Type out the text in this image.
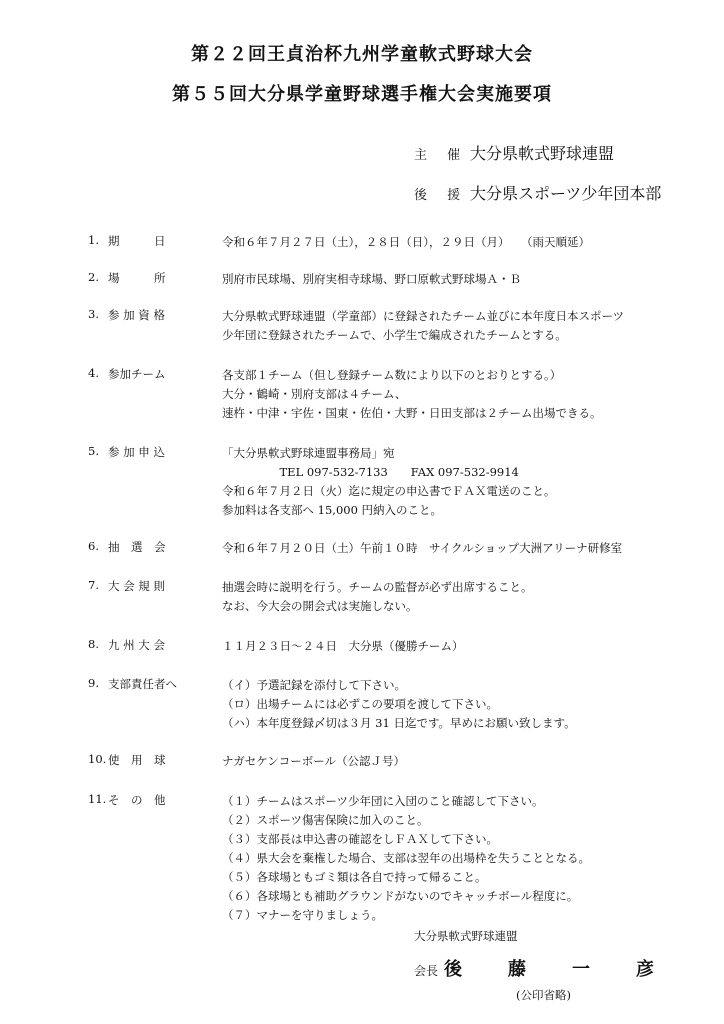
第２２回王貞治杯九州学童軟式野球大会
第５５回大分県学童野球選手権大会実施要項
主 催 大分県軟式野球連盟
後 援 大分県スポーツ少年団本部
1. 期　　　日	令和６年７月２７日（土），２８日（日），２９日（月）　　（雨天順延）
2. 場　　　所	別府市民球場、別府実相寺球場、野口原軟式野球場Ａ・Ｂ
3. 参 加 資 格	大分県軟式野球連盟（学童部）に登録されたチーム並びに本年度日本スポーツ
少年団に登録されたチームで、小学生で編成されたチームとする。
4. 参加チーム	各支部１チーム（但し登録チーム数により以下のとおりとする。）
大分・鶴崎・別府支部は４チーム、
速杵・中津・宇佐・国東・佐伯・大野・日田支部は２チーム出場できる。
5. 参 加 申 込	「大分県軟式野球連盟事務局」宛
　　　　　TEL 097-532-7133　　FAX 097-532-9914
令和６年７月２日（火）迄に規定の申込書でＦＡＸ電送のこと。
参加料は各支部へ 15,000 円納入のこと。
6. 抽　選　会	令和６年７月２０日（土）午前１０時　サイクルショップ大洲アリーナ研修室
7. 大 会 規 則	抽選会時に説明を行う。チームの監督が必ず出席すること。
なお、今大会の開会式は実施しない。
8. 九 州 大 会	１１月２３日～２４日　大分県（優勝チーム）
9. 支部責任者へ	（イ）予選記録を添付して下さい。
（ロ）出場チームには必ずこの要項を渡して下さい。
（ハ）本年度登録〆切は３月 31 日迄です。早めにお願い致します。
10. 使　用　球	ナガセケンコーボール（公認Ｊ号）
11. そ　の　他	（１）チームはスポーツ少年団に入団のこと確認して下さい。
（２）スポーツ傷害保険に加入のこと。
（３）支部長は申込書の確認をしＦＡＸして下さい。
（４）県大会を棄権した場合、支部は翌年の出場枠を失うこととなる。
（５）各球場ともゴミ類は各自で持って帰ること。
（６）各球場とも補助グラウンドがないのでキャッチボール程度に。
（７）マナーを守りましょう。
大分県軟式野球連盟
会長 後　藤　一　彦
(公印省略)
